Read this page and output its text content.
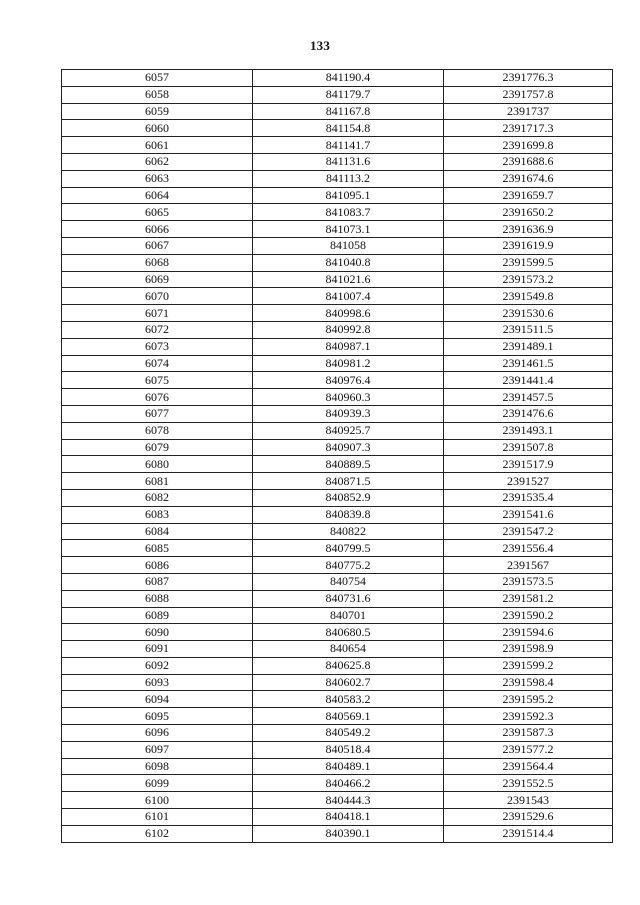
133
6057	841190.4	2391776.3
6058	841179.7	2391757.8
6059	841167.8	2391737
6060	841154.8	2391717.3
6061	841141.7	2391699.8
6062	841131.6	2391688.6
6063	841113.2	2391674.6
6064	841095.1	2391659.7
6065	841083.7	2391650.2
6066	841073.1	2391636.9
6067	841058	2391619.9
6068	841040.8	2391599.5
6069	841021.6	2391573.2
6070	841007.4	2391549.8
6071	840998.6	2391530.6
6072	840992.8	2391511.5
6073	840987.1	2391489.1
6074	840981.2	2391461.5
6075	840976.4	2391441.4
6076	840960.3	2391457.5
6077	840939.3	2391476.6
6078	840925.7	2391493.1
6079	840907.3	2391507.8
6080	840889.5	2391517.9
6081	840871.5	2391527
6082	840852.9	2391535.4
6083	840839.8	2391541.6
6084	840822	2391547.2
6085	840799.5	2391556.4
6086	840775.2	2391567
6087	840754	2391573.5
6088	840731.6	2391581.2
6089	840701	2391590.2
6090	840680.5	2391594.6
6091	840654	2391598.9
6092	840625.8	2391599.2
6093	840602.7	2391598.4
6094	840583.2	2391595.2
6095	840569.1	2391592.3
6096	840549.2	2391587.3
6097	840518.4	2391577.2
6098	840489.1	2391564.4
6099	840466.2	2391552.5
6100	840444.3	2391543
6101	840418.1	2391529.6
6102	840390.1	2391514.4
